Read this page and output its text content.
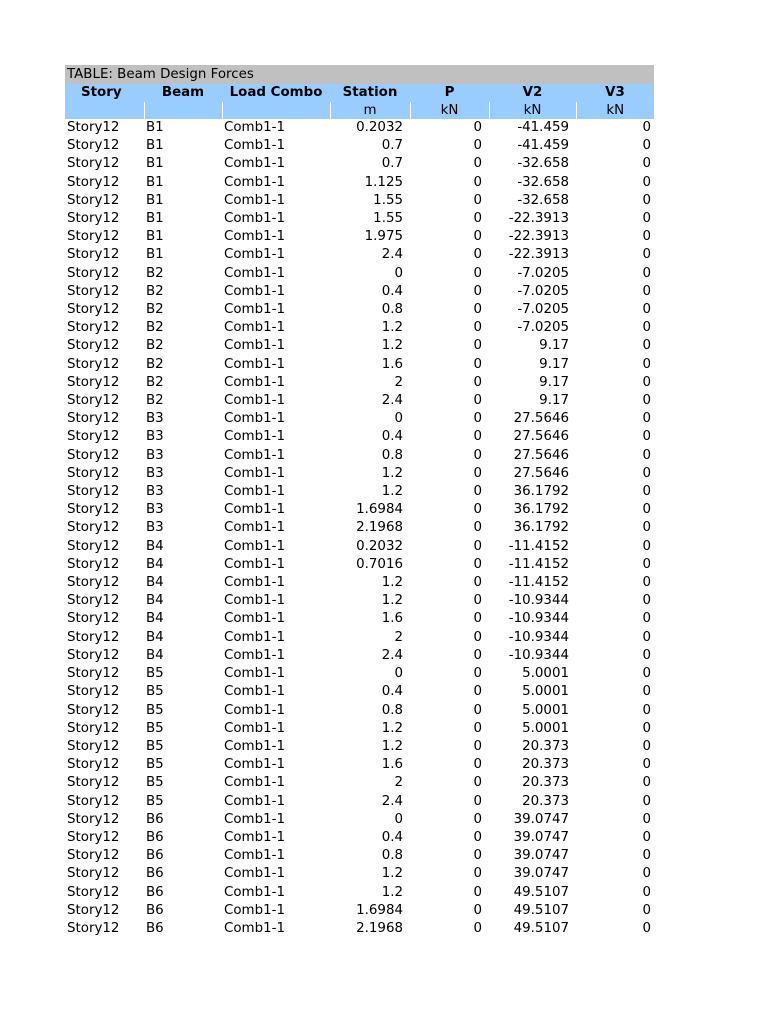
TABLE: Beam Design Forces
Story	Beam	Load Combo	Station	P	V2	V3
			m	kN	kN	kN
Story12	B1	Comb1-1	0.2032	0	-41.459	0
Story12	B1	Comb1-1	0.7	0	-41.459	0
Story12	B1	Comb1-1	0.7	0	-32.658	0
Story12	B1	Comb1-1	1.125	0	-32.658	0
Story12	B1	Comb1-1	1.55	0	-32.658	0
Story12	B1	Comb1-1	1.55	0	-22.3913	0
Story12	B1	Comb1-1	1.975	0	-22.3913	0
Story12	B1	Comb1-1	2.4	0	-22.3913	0
Story12	B2	Comb1-1	0	0	-7.0205	0
Story12	B2	Comb1-1	0.4	0	-7.0205	0
Story12	B2	Comb1-1	0.8	0	-7.0205	0
Story12	B2	Comb1-1	1.2	0	-7.0205	0
Story12	B2	Comb1-1	1.2	0	9.17	0
Story12	B2	Comb1-1	1.6	0	9.17	0
Story12	B2	Comb1-1	2	0	9.17	0
Story12	B2	Comb1-1	2.4	0	9.17	0
Story12	B3	Comb1-1	0	0	27.5646	0
Story12	B3	Comb1-1	0.4	0	27.5646	0
Story12	B3	Comb1-1	0.8	0	27.5646	0
Story12	B3	Comb1-1	1.2	0	27.5646	0
Story12	B3	Comb1-1	1.2	0	36.1792	0
Story12	B3	Comb1-1	1.6984	0	36.1792	0
Story12	B3	Comb1-1	2.1968	0	36.1792	0
Story12	B4	Comb1-1	0.2032	0	-11.4152	0
Story12	B4	Comb1-1	0.7016	0	-11.4152	0
Story12	B4	Comb1-1	1.2	0	-11.4152	0
Story12	B4	Comb1-1	1.2	0	-10.9344	0
Story12	B4	Comb1-1	1.6	0	-10.9344	0
Story12	B4	Comb1-1	2	0	-10.9344	0
Story12	B4	Comb1-1	2.4	0	-10.9344	0
Story12	B5	Comb1-1	0	0	5.0001	0
Story12	B5	Comb1-1	0.4	0	5.0001	0
Story12	B5	Comb1-1	0.8	0	5.0001	0
Story12	B5	Comb1-1	1.2	0	5.0001	0
Story12	B5	Comb1-1	1.2	0	20.373	0
Story12	B5	Comb1-1	1.6	0	20.373	0
Story12	B5	Comb1-1	2	0	20.373	0
Story12	B5	Comb1-1	2.4	0	20.373	0
Story12	B6	Comb1-1	0	0	39.0747	0
Story12	B6	Comb1-1	0.4	0	39.0747	0
Story12	B6	Comb1-1	0.8	0	39.0747	0
Story12	B6	Comb1-1	1.2	0	39.0747	0
Story12	B6	Comb1-1	1.2	0	49.5107	0
Story12	B6	Comb1-1	1.6984	0	49.5107	0
Story12	B6	Comb1-1	2.1968	0	49.5107	0
